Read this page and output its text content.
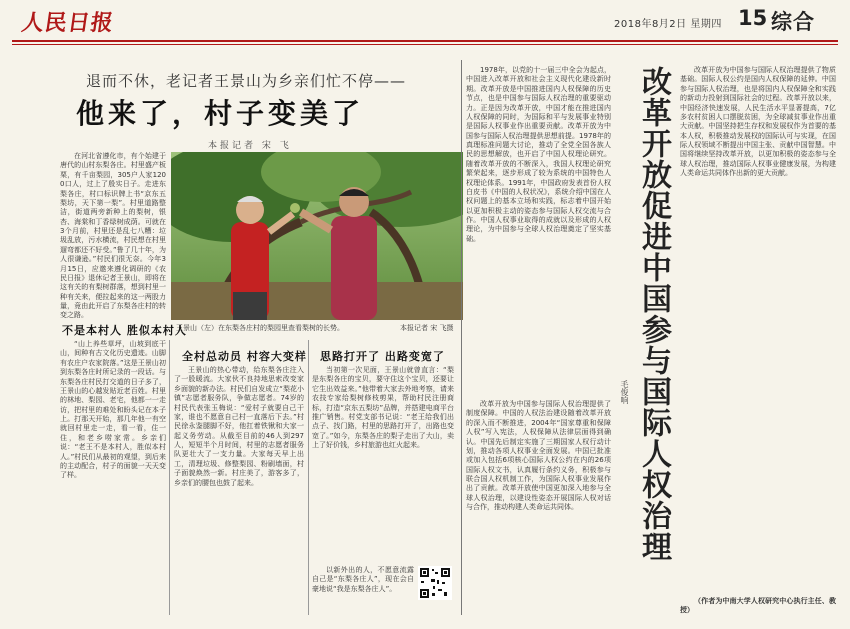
人民日报	2018年8月2日 星期四 15 综合
退而不休，老记者王景山为乡亲们忙不停——
他来了，村子变美了
本报记者 宋 飞

在河北省遵化市，有个始建于唐代的山村东梨各庄。村里盛产板栗，有千亩梨园，305户人家1200口人，过上了殷实日子。走进东梨各庄，村口标识牌上书“京东五梨坊，天下第一梨”。村里道路整洁，街道两旁新种上的梨树，银杏、海棠和丁香绿树成荫。可就在3个月前，村里还是乱七八糟：垃圾乱放，污水横流，村民想在村里遛弯都还不好受。”鲁了几十年，为人很谦逊。”村民们很无奈。今年3月15日，应邀来遵化调研的《农民日报》退休记者王景山，即将在这有关的有梨树群落，想到村里一种有关来，便拉起来的这一两股力量，竟由此开启了东梨各庄村的转变之路。

王景山（左）在东梨各庄村的梨园里查看梨树的长势。	本报记者 宋 飞摄
不是本村人 胜似本村人

“山上养些草坪，山坡到底干山，间种有古文化历史遗迹。山脚有农庄户农家院落。”这是王景山初到东梨各庄时所记录的一段话。与东梨各庄村民打交道的日子多了，王景山的心越发贴近老百姓。村里的林地、梨园、老宅，他都一一走访，把村里的难处和盼头记在本子上。打那天开始，那几年他一有空就回村里走一走，看一看，住一住，和老乡唠家常。乡亲们说：“老王不是本村人，胜似本村人。”村民们从最初的观望，到后来的主动配合，村子的面貌一天天变了样。

全村总动员 村容大变样

王景山的热心带动，给东梨各庄注入了一股暖流。大家伙不良持地思索改变家乡面貌的新办法。村民们自发成立“梨花小镇”志愿者服务队，争做志愿者。74岁的村民代表张玉梅说：“爱村子就要自己干家，谁也不愿意自己村一直落后下去。”村民徐永鉴腿脚不好，他扛着铁锹和大家一起义务劳动。从截至目前的46人到297人，短短半个月时间，村里的志愿者服务队更壮大了一支力量。大家每天早上出工，清理垃圾、修整梨园、粉刷墙面，村子面貌焕然一新。村庄美了，游客多了，乡亲们的腰包也鼓了起来。

思路打开了 出路变宽了

当初第一次见面，王景山就曾直言：“梨是东梨各庄的宝贝，要守住这个宝贝，还要让它生出效益来。”他带着大家去外地考察，请来农技专家给梨树修枝剪果，帮助村民注册商标，打造“京东五梨坊”品牌，并搭建电商平台推广销售。村党支部书记说：“老王给我们出点子、找门路，村里的思路打开了，出路也变宽了。”如今，东梨各庄的梨子走出了大山，卖上了好价钱，乡村旅游也红火起来。

以新外出的人，不愿意流露自己是“东梨各庄人”，现在会自豪地说“我是东梨各庄人”。

1978年，以党的十一届三中全会为起点，中国进入改革开放和社会主义现代化建设新时期。改革开放是中国推进国内人权保障的历史节点，也是中国参与国际人权治理的重要驱动力。正是因为改革开放，中国才能在推进国内人权保障的同时，为国际和平与发展事业特别是国际人权事业作出重要贡献。改革开放为中国参与国际人权治理提供思想前提。1978年的真理标准问题大讨论，推动了全党全国各族人民的思想解放，也开启了中国人权理论研究。随着改革开放的不断深入，我国人权理论研究繁荣起来，逐步形成了较为系统的中国特色人权理论体系。1991年，中国政府发表首份人权白皮书《中国的人权状况》，系统介绍中国在人权问题上的基本立场和实践，标志着中国开始以更加积极主动的姿态参与国际人权交流与合作。中国人权事业取得的成就以及形成的人权理论，为中国参与全球人权治理奠定了坚实基础。

改革开放为中国参与国际人权治理提供了制度保障。中国的人权法治建设随着改革开放的深入而不断推进，2004年“国家尊重和保障人权”写入宪法，人权保障从法律层面得到确认。中国先后制定实施了三期国家人权行动计划，推动各项人权事业全面发展。中国已批准或加入包括6项核心国际人权公约在内的26项国际人权文书，认真履行条约义务，积极参与联合国人权机制工作，为国际人权事业发展作出了贡献。改革开放使中国更加深入地参与全球人权治理，以建设性姿态开展国际人权对话与合作，推动构建人类命运共同体。	改革开放促进中国参与国际人权治理
毛俊响

改革开放为中国参与国际人权治理提供了物质基础。国际人权公约是国内人权保障的延伸。中国参与国际人权治理，也是将国内人权保障全和实践的新动力投射到国际社会的过程。改革开放以来，中国经济快速发展，人民生活水平显著提高，7亿多农村贫困人口摆脱贫困，为全球减贫事业作出重大贡献。中国坚持把生存权和发展权作为首要的基本人权，积极推动发展权的国际认可与实现，在国际人权领域不断提出中国主张、贡献中国智慧。中国将继续坚持改革开放，以更加积极的姿态参与全球人权治理，推动国际人权事业健康发展，为构建人类命运共同体作出新的更大贡献。

（作者为中南大学人权研究中心执行主任、教授）
